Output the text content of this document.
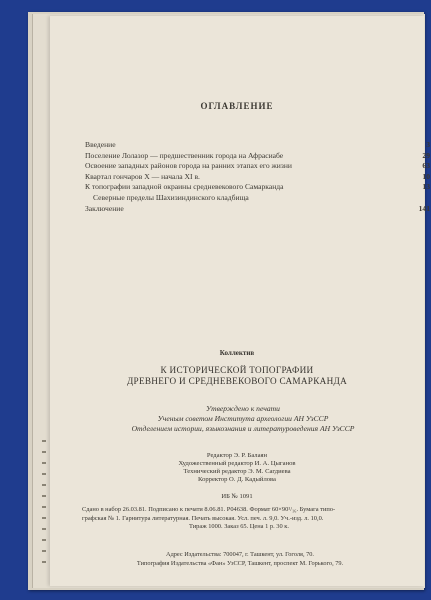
ОГЛАВЛЕНИЕ
Введение	3
Поселение Лолазор — предшественник города на Афрасиабе	29
Освоение западных районов города на ранних этапах его жизни	63
Квартал гончаров X — начала XI в.	10
К топографии западной окраины средневекового Самарканда	13
Северные пределы Шахизиндинского кладбища
Заключение	141
Коллектив
К ИСТОРИЧЕСКОЙ ТОПОГРАФИИ
ДРЕВНЕГО И СРЕДНЕВЕКОВОГО САМАРКАНДА
Утверждено к печати
Ученым советом Института археологии АН УзССР
Отделением истории, языкознания и литературоведения АН УзССР
Редактор Э. Р. Балаян
Художественный редактор И. А. Цыганов
Технический редактор Э. М. Сагдиева
Корректор О. Д. Кадыйлова
ИБ № 1091
Сдано в набор 26.03.81. Подписано к печати 8.06.81. Р04638. Формат 60×90¹/₁₆. Бумага типо-
графская № 1. Гарнитура литературная. Печать высокая. Усл. печ. л. 9,0. Уч.-изд. л. 10,0.
Тираж 1000. Заказ 65. Цена 1 р. 30 к.
Адрес Издательства: 700047, г. Ташкент, ул. Гоголя, 70.
Типография Издательства «Фан» УзССР, Ташкент, проспект М. Горького, 79.
